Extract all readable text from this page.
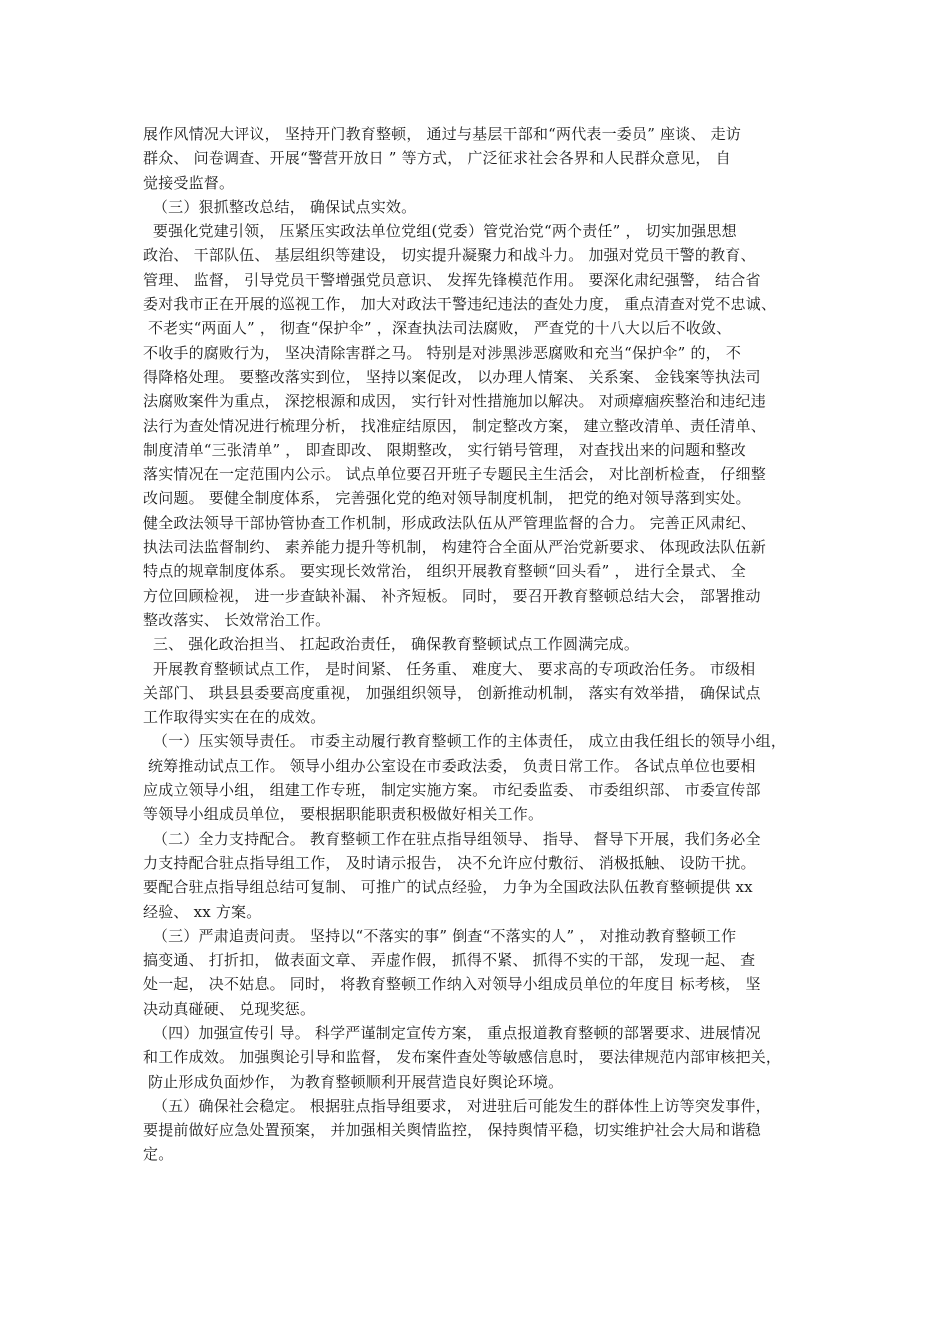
展作风情况大评议， 坚持开门教育整顿， 通过与基层干部和“两代表一委员” 座谈、 走访
群众、 问卷调查、开展“警营开放日 ” 等方式， 广泛征求社会各界和人民群众意见， 自
觉接受监督。
（三）狠抓整改总结， 确保试点实效。
要强化党建引领， 压紧压实政法单位党组(党委）管党治党“两个责任” ， 切实加强思想
政治、 干部队伍、 基层组织等建设， 切实提升凝聚力和战斗力。 加强对党员干警的教育、
管理、 监督， 引导党员干警增强党员意识、 发挥先锋模范作用。 要深化肃纪强警， 结合省
委对我市正在开展的巡视工作， 加大对政法干警违纪违法的查处力度， 重点清查对党不忠诚、
不老实“两面人” ， 彻查“保护伞” ，深查执法司法腐败， 严查党的十八大以后不收敛、
不收手的腐败行为， 坚决清除害群之马。 特别是对涉黑涉恶腐败和充当“保护伞” 的， 不
得降格处理。 要整改落实到位， 坚持以案促改， 以办理人情案、 关系案、 金钱案等执法司
法腐败案件为重点， 深挖根源和成因， 实行针对性措施加以解决。 对顽瘴痼疾整治和违纪违
法行为查处情况进行梳理分析， 找准症结原因， 制定整改方案， 建立整改清单、责任清单、
制度清单“三张清单” ， 即查即改、 限期整改， 实行销号管理， 对查找出来的问题和整改
落实情况在一定范围内公示。 试点单位要召开班子专题民主生活会， 对比剖析检查， 仔细整
改问题。 要健全制度体系， 完善强化党的绝对领导制度机制， 把党的绝对领导落到实处。
健全政法领导干部协管协查工作机制，形成政法队伍从严管理监督的合力。 完善正风肃纪、
执法司法监督制约、 素养能力提升等机制， 构建符合全面从严治党新要求、 体现政法队伍新
特点的规章制度体系。 要实现长效常治， 组织开展教育整顿“回头看” ， 进行全景式、 全
方位回顾检视， 进一步查缺补漏、 补齐短板。 同时， 要召开教育整顿总结大会， 部署推动
整改落实、 长效常治工作。
三、 强化政治担当、 扛起政治责任， 确保教育整顿试点工作圆满完成。
开展教育整顿试点工作， 是时间紧、 任务重、 难度大、 要求高的专项政治任务。 市级相
关部门、 珙县县委要高度重视， 加强组织领导， 创新推动机制， 落实有效举措， 确保试点
工作取得实实在在的成效。
（一）压实领导责任。 市委主动履行教育整顿工作的主体责任， 成立由我任组长的领导小组，
统筹推动试点工作。 领导小组办公室设在市委政法委， 负责日常工作。 各试点单位也要相
应成立领导小组， 组建工作专班， 制定实施方案。 市纪委监委、 市委组织部、 市委宣传部
等领导小组成员单位， 要根据职能职责积极做好相关工作。
（二）全力支持配合。 教育整顿工作在驻点指导组领导、 指导、 督导下开展，我们务必全
力支持配合驻点指导组工作， 及时请示报告， 决不允许应付敷衍、 消极抵触、 设防干扰。
要配合驻点指导组总结可复制、 可推广的试点经验， 力争为全国政法队伍教育整顿提供 xx
经验、 xx 方案。
（三）严肃追责问责。 坚持以“不落实的事” 倒查“不落实的人” ， 对推动教育整顿工作
搞变通、 打折扣， 做表面文章、 弄虚作假， 抓得不紧、 抓得不实的干部， 发现一起、 查
处一起， 决不姑息。 同时， 将教育整顿工作纳入对领导小组成员单位的年度目 标考核， 坚
决动真碰硬、 兑现奖惩。
（四）加强宣传引 导。 科学严谨制定宣传方案， 重点报道教育整顿的部署要求、进展情况
和工作成效。 加强舆论引导和监督， 发布案件查处等敏感信息时， 要法律规范内部审核把关，
防止形成负面炒作， 为教育整顿顺利开展营造良好舆论环境。
（五）确保社会稳定。 根据驻点指导组要求， 对进驻后可能发生的群体性上访等突发事件，
要提前做好应急处置预案， 并加强相关舆情监控， 保持舆情平稳，切实维护社会大局和谐稳
定。
